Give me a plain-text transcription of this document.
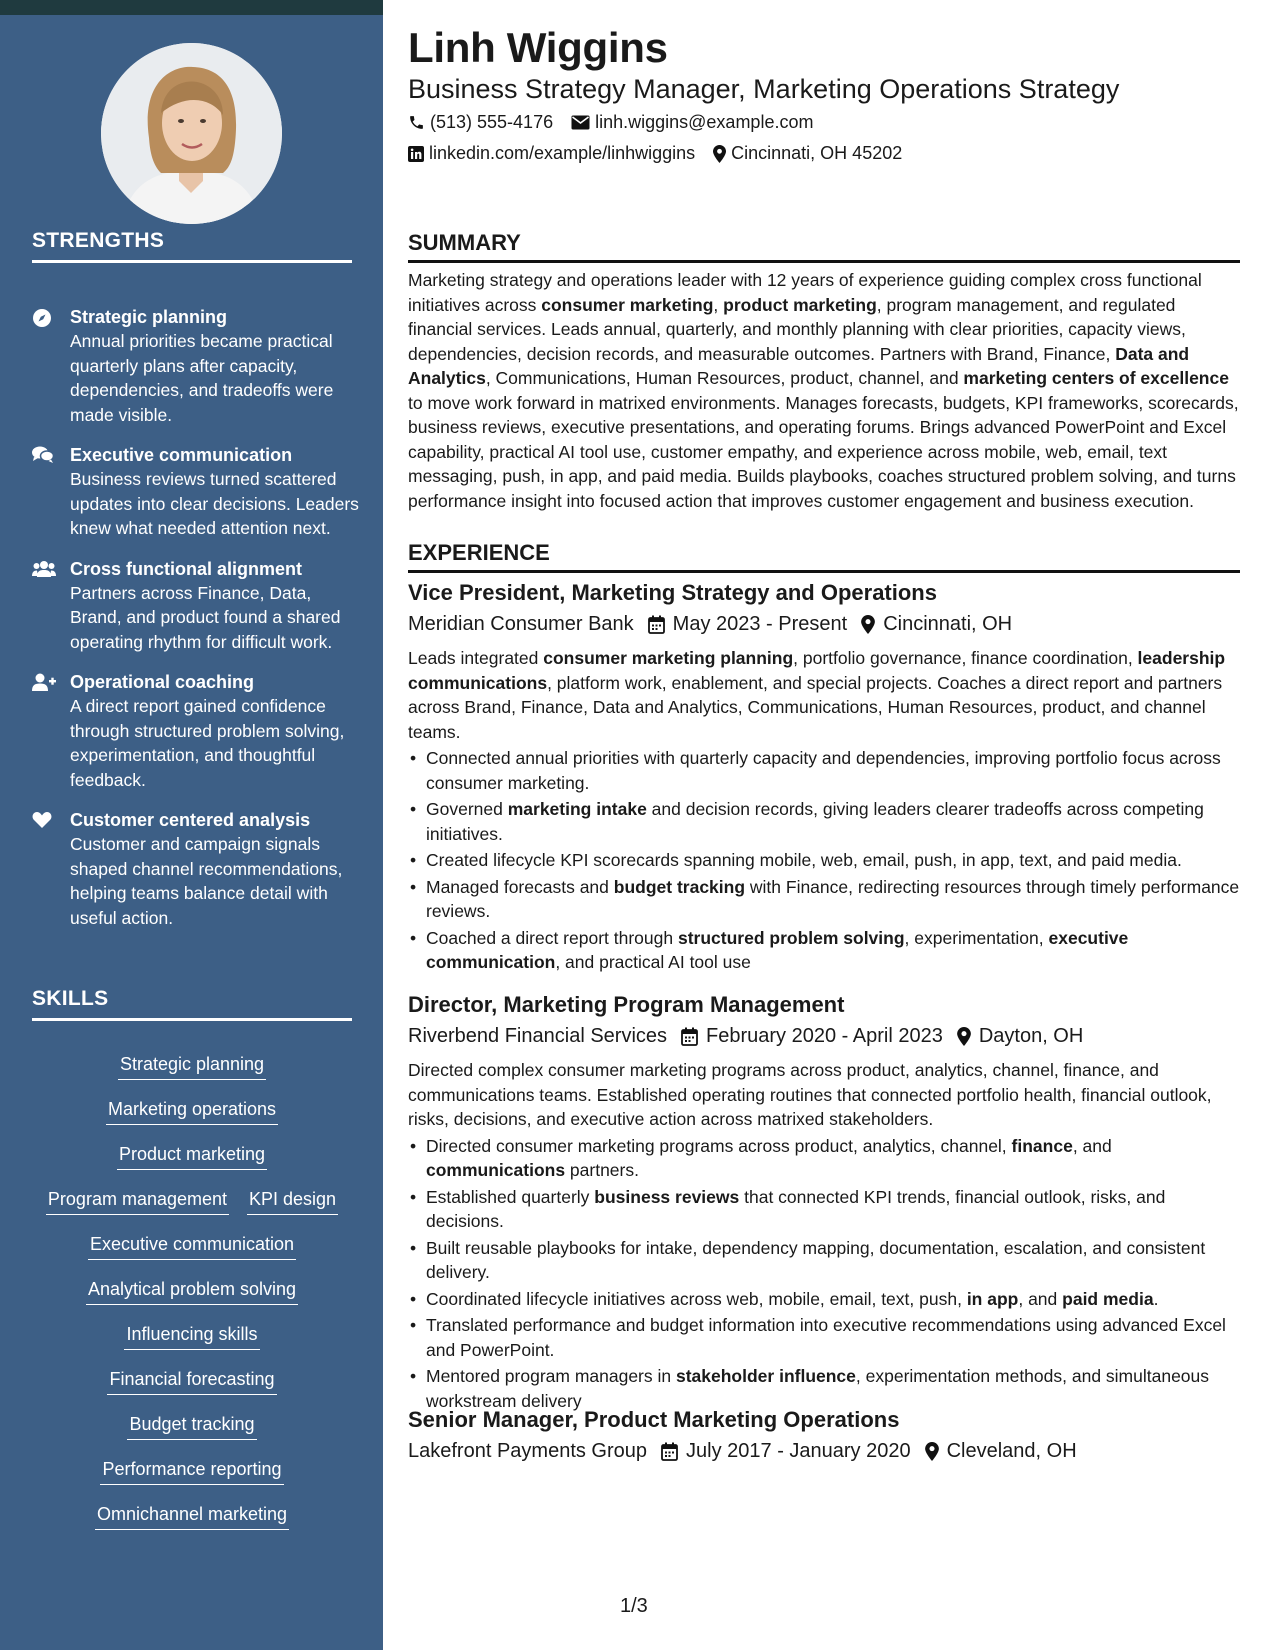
STRENGTHS
Strategic planning
Annual priorities became practical quarterly plans after capacity, dependencies, and tradeoffs were made visible.
Executive communication
Business reviews turned scattered updates into clear decisions. Leaders knew what needed attention next.
Cross functional alignment
Partners across Finance, Data, Brand, and product found a shared operating rhythm for difficult work.
Operational coaching
A direct report gained confidence through structured problem solving, experimentation, and thoughtful feedback.
Customer centered analysis
Customer and campaign signals shaped channel recommendations, helping teams balance detail with useful action.
SKILLS
Strategic planning
Marketing operations
Product marketing
Program management KPI design
Executive communication
Analytical problem solving
Influencing skills
Financial forecasting
Budget tracking
Performance reporting
Omnichannel marketing
Linh Wiggins
Business Strategy Manager, Marketing Operations Strategy
(513) 555-4176 linh.wiggins@example.com
linkedin.com/example/linhwiggins Cincinnati, OH 45202
SUMMARY

Marketing strategy and operations leader with 12 years of experience guiding complex cross functional initiatives across consumer marketing, product marketing, program management, and regulated financial services. Leads annual, quarterly, and monthly planning with clear priorities, capacity views, dependencies, decision records, and measurable outcomes. Partners with Brand, Finance, Data and Analytics, Communications, Human Resources, product, channel, and marketing centers of excellence to move work forward in matrixed environments. Manages forecasts, budgets, KPI frameworks, scorecards, business reviews, executive presentations, and operating forums. Brings advanced PowerPoint and Excel capability, practical AI tool use, customer empathy, and experience across mobile, web, email, text messaging, push, in app, and paid media. Builds playbooks, coaches structured problem solving, and turns performance insight into focused action that improves customer engagement and business execution.

EXPERIENCE
Vice President, Marketing Strategy and Operations
Meridian Consumer Bank May 2023 - Present Cincinnati, OH
Leads integrated consumer marketing planning, portfolio governance, finance coordination, leadership communications, platform work, enablement, and special projects. Coaches a direct report and partners across Brand, Finance, Data and Analytics, Communications, Human Resources, product, and channel teams.
• Connected annual priorities with quarterly capacity and dependencies, improving portfolio focus across consumer marketing.
• Governed marketing intake and decision records, giving leaders clearer tradeoffs across competing initiatives.
• Created lifecycle KPI scorecards spanning mobile, web, email, push, in app, text, and paid media.
• Managed forecasts and budget tracking with Finance, redirecting resources through timely performance reviews.
• Coached a direct report through structured problem solving, experimentation, executive communication, and practical AI tool use
Director, Marketing Program Management
Riverbend Financial Services February 2020 - April 2023 Dayton, OH
Directed complex consumer marketing programs across product, analytics, channel, finance, and communications teams. Established operating routines that connected portfolio health, financial outlook, risks, decisions, and executive action across matrixed stakeholders.
• Directed consumer marketing programs across product, analytics, channel, finance, and communications partners.
• Established quarterly business reviews that connected KPI trends, financial outlook, risks, and decisions.
• Built reusable playbooks for intake, dependency mapping, documentation, escalation, and consistent delivery.
• Coordinated lifecycle initiatives across web, mobile, email, text, push, in app, and paid media.
• Translated performance and budget information into executive recommendations using advanced Excel and PowerPoint.
• Mentored program managers in stakeholder influence, experimentation methods, and simultaneous workstream delivery
Senior Manager, Product Marketing Operations
Lakefront Payments Group July 2017 - January 2020 Cleveland, OH
1/3
